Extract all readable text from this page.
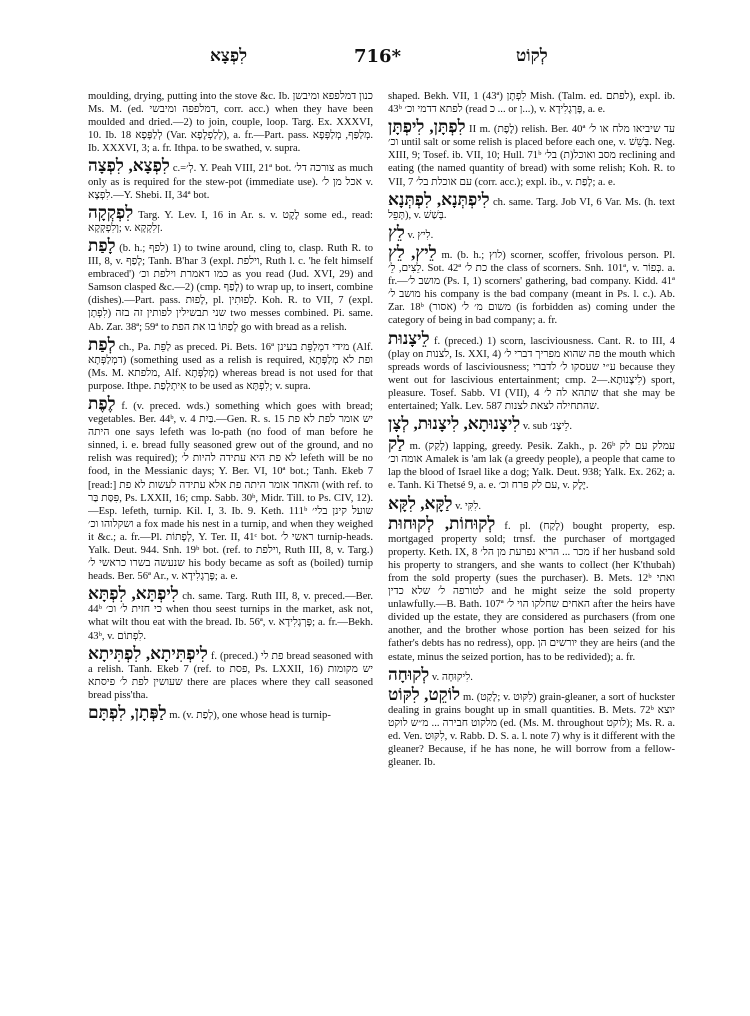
לִפְצָא	716*	לְקוֹט

moulding, drying, putting into the stove &c. Ib. כנון דמלפפא ומיבשן Ms. M. (ed. דמלפפה ומיבשי, corr. acc.) when they have been moulded and dried.—2) to join, couple, loop. Targ. Ex. XXXVI, 10. Ib. 18 לְלַפָּפָא (Var. לְלַפְלָפָא), a. fr.—Part. pass. מְלַפַּף, מְלַפְּפָא. Ib. XXXVI, 3; a. fr. Ithpa. to be swathed, v. supra.

לִפְצָא, לִפְצָה c.=לְ׳. Y. Peah VIII, 21ª bot. צורכה דל׳ as much only as is required for the stew-pot (immediate use). אכל מן ל׳ v. לִפְצָא.—Y. Shebi. II, 34ª bot.

לִפְקְקָה Targ. Y. Lev. I, 16 in Ar. s. v. לֶקֶט some ed., read: וְלִפְקְקָא; v. זְלִקְקָא.

לָפַת (b. h.; לפף) 1) to twine around, cling to, clasp. Ruth R. to III, 8, v. לָפַף; Tanh. B'har 3 (expl. וילפת, Ruth l. c. 'he felt himself embraced') כמו דאמרת וילפת וכ׳ as you read (Jud. XVI, 29) and Samson clasped &c.—2) (cmp. לָפַף) to wrap up, to insert, combine (dishes).—Part. pass. לָפוּת, pl. לְפוּתִין. Koh. R. to VII, 7 (expl. לִפְתָן) שני תבשילין לפותין זה בזה two messes combined. Pi. same. Ab. Zar. 38ª; 59ª to לְפַתּוֹ בו את הפת go with bread as a relish.

לְפַת ch., Pa. לַפֵּת as preced. Pi. Bets. 16ª מידי דמְלַפֵּת בעינן (Alf. דמְלַפְּתָא) (something used as a relish is required, ופת לא מְלַפְּתָא (Ms. M. מלפתא, Alf. מְלַפְּתָא) whereas bread is not used for that purpose. Ithpe. אִיתְלְפַת to be used as לִפְתָּא; v. supra.

לֶפֶת f. (v. preced. wds.) something which goes with bread; vegetables. Ber. 44ᵇ, v. בַּיִת 4.—Gen. R. s. 15 יש אומר לפת לא פת היתה one says lefeth was lo-path (no food of man before he sinned, i. e. bread fully seasoned grew out of the ground, and no relish was required); לא פת היא עתידה להיות ל׳ lefeth will be no food, in the Messianic days; Y. Ber. VI, 10ª bot.; Tanh. Ekeb 7 [read:] והאחד אומר היתה פת אלא עתידה לעשות לא פת (with ref. to פִּסַּת בַּר, Ps. LXXII, 16; cmp. Sabb. 30ᵇ, Midr. Till. to Ps. CIV, 12).—Esp. lefeth, turnip. Kil. I, 3. Ib. 9. Keth. 111ᵇ שועל קינן בלי׳ ושקלוהו וכ׳ a fox made his nest in a turnip, and when they weighed it &c.; a. fr.—Pl. לְפָתוֹת, Y. Ter. II, 41ᶜ bot. ראשי ל׳ turnip-heads. Yalk. Deut. 944. Snh. 19ᵇ bot. (ref. to וילפת, Ruth III, 8, v. Targ.) שנעשה בשרו כראשי ל׳ his body became as soft as (boiled) turnip heads. Ber. 56ª Ar., v. פָּרְגָלִידָא; a. e.

לִיפְתָּא, לִפְתָּא ch. same. Targ. Ruth III, 8, v. preced.—Ber. 44ᵇ כי חזית ל׳ וכ׳ when thou seest turnips in the market, ask not, what wilt thou eat with the bread. Ib. 56ª, v. פָּרְגָלִידָא; a. fr.—Bekh. 43ᵇ, v. לִפְתוֹם.

לִיפְתִּיתָא, לִפְתִּיתָא f. (preced.) פת לי bread seasoned with a relish. Tanh. Ekeb 7 (ref. to פסת, Ps. LXXII, 16) יש מקומות שעושין לפת ל׳ פיסתא there are places where they call seasoned bread piss'tha.

לַפְּתָן, לִפְתָּם m. (v. לְפַת), one whose head is turnip-

shaped. Bekh. VII, 1 (43ª) לִפְתָן Mish. (Talm. ed. לפתם), expl. ib. 43ᵇ לפתא דדמי וכ׳ (read ‎כ ... or ‎ן...), v. פָּרְגָלִידָא, a. e.

לִפְתָּן, לִיפְתָּן II m. (לֶפֶת) relish. Ber. 40ª עד שיביאו מלח או ל׳ וכ׳ until salt or some relish is placed before each one, v. בָּשֵׁשׁ. Neg. XIII, 9; Tosef. ib. VII, 10; Hull. 71ᵇ מסב ואוכל(ת) בל׳ reclining and eating (the named quantity of bread) with some relish; Koh. R. to VII, 7 עם אוכלת בל׳ (corr. acc.); expl. ib., v. לָפַת; a. e.

לִיפְתְּנָא, לִפְתְּנָא ch. same. Targ. Job VI, 6 Var. Ms. (h. text תָּפֵל), v. בְּשַׁשׁ.

לֵץ v. לִיץ.

לֵיץ, לֵץ m. (b. h.; לוץ) scorner, scoffer, frivolous person. Pl. לֵצִים, לֵ׳. Sot. 42ª כת ל׳ the class of scorners. Snh. 101ª, v. כְּפוֹר. a. fr.—מושב ל׳ (Ps. I, 1) scorners' gathering, bad company. Kidd. 41ª מושב ל׳ his company is the bad company (meant in Ps. l. c.). Ab. Zar. 18ᵇ (אסור) משום מ׳ ל׳ (is forbidden as) coming under the category of being in bad company; a. fr.

לֵיצָנוּת f. (preced.) 1) scorn, lasciviousness. Cant. R. to III, 4 (play on לצנות, Is. XXI, 4) פה שהוא מפריך דברי ל׳ the mouth which spreads words of lasciviousness; ע״י שעסקו ל׳ לדברי because they went out for lascivious entertainment; cmp. לִיצָנוּתָא.—2) sport, pleasure. Tosef. Sabb. VI (VII), 4 שתהא לה ל׳ that she may be entertained; Yalk. Lev. 587 שהתחילה לצאת לצנות.

לִיצָנוּתָא, לִיצָנוּת, לְצָן v. sub לֵיצָנ׳.

לַק m. (לָקַק) lapping, greedy. Pesik. Zakh., p. 26ᵇ עמלק עם לק אומה וכ׳ Amalek is 'am lak (a greedy people), a people that came to lap the blood of Israel like a dog; Yalk. Deut. 938; Yalk. Ex. 262; a. e. Tanh. Ki Thetsé 9, a. e. עם לק פרח וכ׳, v. יֶלֶק.

לַקָּא, לִקָּא v. לִקִּי.

לְקוּחוֹת, לְקוּחוּת f. pl. (לָקַח) bought property, esp. mortgaged property sold; trnsf. the purchaser of mortgaged property. Keth. IX, 8 מכר ... הריא נפרעת מן הל׳ if her husband sold his property to strangers, and she wants to collect (her K'thubah) from the sold property (sues the purchaser). B. Mets. 12ᵇ ואתי לטורפה ל׳ שלא כדין and he might seize the sold property unlawfully.—B. Bath. 107ª האחים שחלקו הוי ל׳ after the heirs have divided up the estate, they are considered as purchasers (from one another, and the brother whose portion has been seized for his father's debts has no redress), opp. יורשים הן they are heirs (and the estate, minus the seized portion, has to be redivided); a. fr.

לְקוּחָה v. לִיקוּחָה.

לוֹקֵט, לִקּוֹט m. (לָקַט; v. לִקּוּט) grain-gleaner, a sort of huckster dealing in grains bought up in small quantities. B. Mets. 72ᵇ יוצא מלקוט חבירה ... מ״ש לוקט (ed. (Ms. M. throughout לוקט); Ms. R. a. ed. Ven. לִקּוּט, v. Rabb. D. S. a. l. note 7) why is it different with the gleaner? Because, if he has none, he will borrow from a fellow-gleaner. Ib.
